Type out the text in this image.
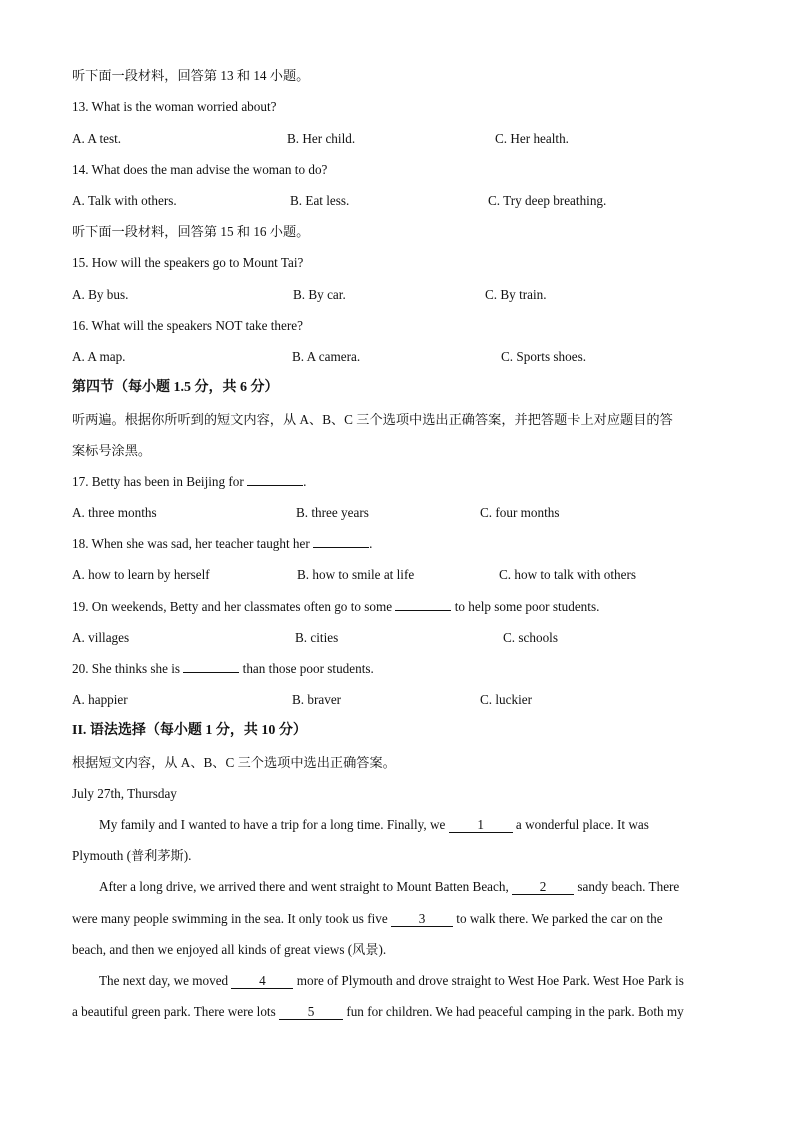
听下面一段材料，回答第 13 和 14 小题。
13. What is the woman worried about?
A. A test.	B. Her child.	C. Her health.
14. What does the man advise the woman to do?
A. Talk with others.	B. Eat less.	C. Try deep breathing.
听下面一段材料，回答第 15 和 16 小题。
15. How will the speakers go to Mount Tai?
A. By bus.	B. By car.	C. By train.
16. What will the speakers NOT take there?
A. A map.	B. A camera.	C. Sports shoes.
第四节（每小题 1.5 分，共 6 分）
听两遍。根据你所听到的短文内容，从 A、B、C 三个选项中选出正确答案，并把答题卡上对应题目的答
案标号涂黑。
17. Betty has been in Beijing for	.
A. three months	B. three years	C. four months
18. When she was sad, her teacher taught her	.
A. how to learn by herself	B. how to smile at life	C. how to talk with others
19. On weekends, Betty and her classmates often go to some	to help some poor students.
A. villages	B. cities	C. schools
20. She thinks she is	than those poor students.
A. happier	B. braver	C. luckier
II. 语法选择（每小题 1 分，共 10 分）
根据短文内容，从 A、B、C 三个选项中选出正确答案。
July 27th, Thursday
My family and I wanted to have a trip for a long time. Finally, we 1 a wonderful place. It was
Plymouth (普利茅斯).
After a long drive, we arrived there and went straight to Mount Batten Beach, 2 sandy beach. There
were many people swimming in the sea. It only took us five 3 to walk there. We parked the car on the
beach, and then we enjoyed all kinds of great views (风景).
The next day, we moved 4 more of Plymouth and drove straight to West Hoe Park. West Hoe Park is
a beautiful green park. There were lots 5 fun for children. We had peaceful camping in the park. Both my
